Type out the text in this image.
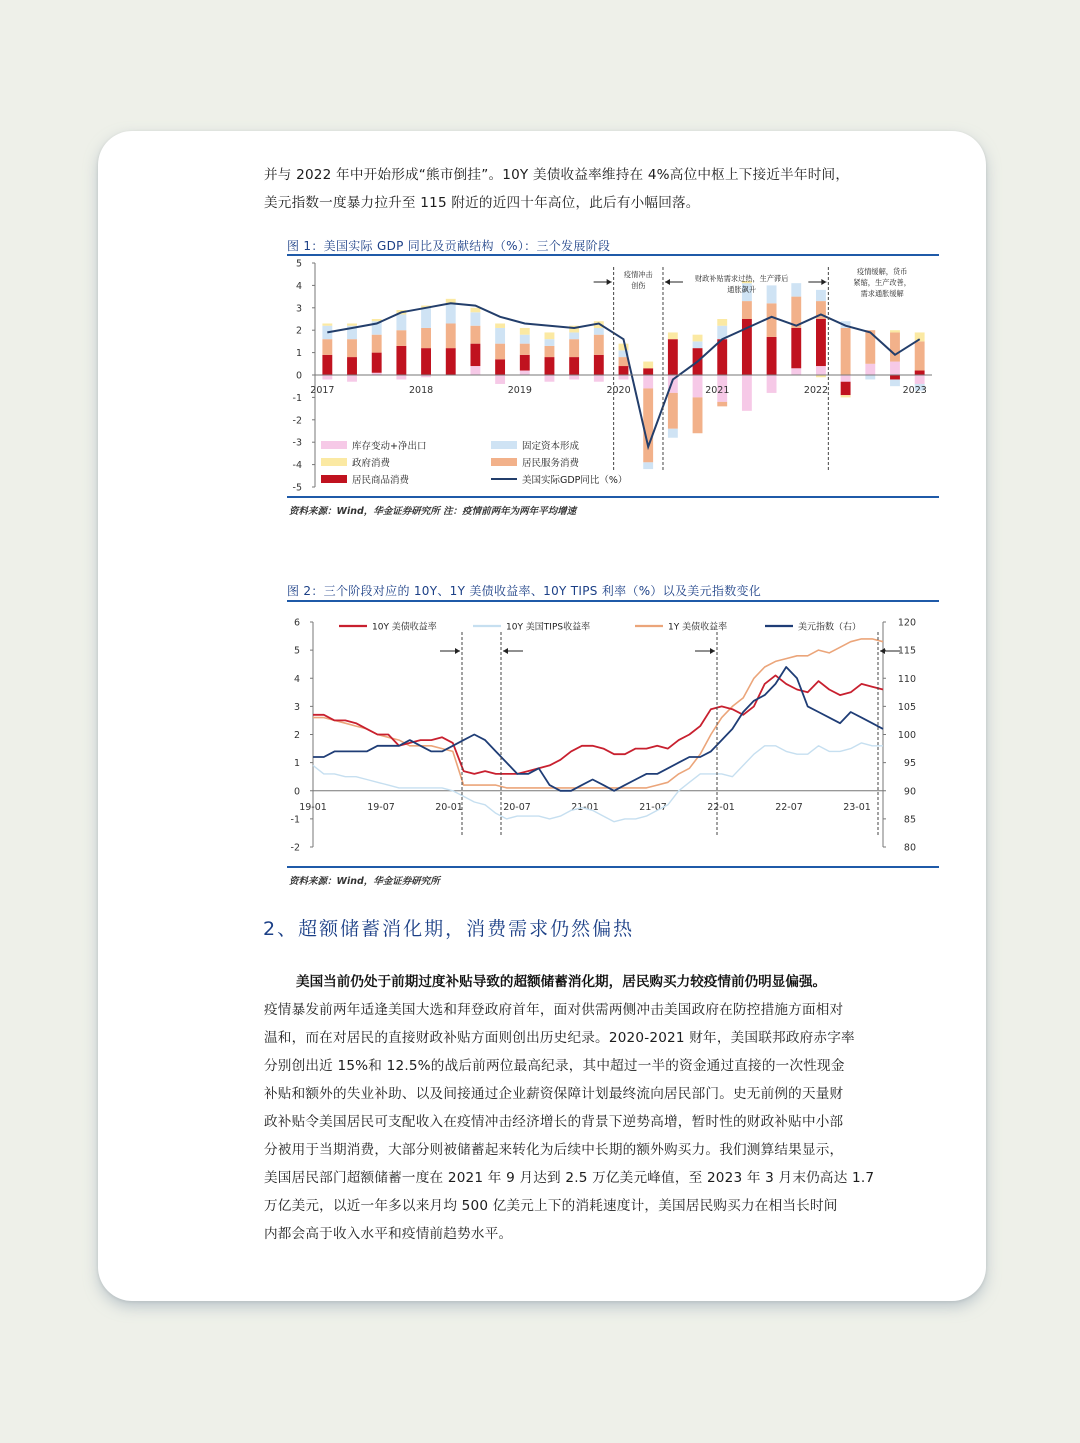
并与 2022 年中开始形成“熊市倒挂”。10Y 美债收益率维持在 4%高位中枢上下接近半年时间，

美元指数一度暴力拉升至 115 附近的近四十年高位，此后有小幅回落。

图 1：美国实际 GDP 同比及贡献结构（%）：三个发展阶段
5
4
3
2
1
0
-1
-2
-3
-4
-5
2017	2018	2019	2020	2021	2022	2023
疫情冲击
创伤
财政补贴需求过热，生产滞后
通胀飙升
疫情缓解，货币
紧缩，生产改善，
需求通胀缓解
库存变动+净出口	固定资本形成
政府消费	居民服务消费
居民商品消费	美国实际GDP同比（%）
资料来源：Wind，华金证券研究所 注：疫情前两年为两年平均增速
图 2：三个阶段对应的 10Y、1Y 美债收益率、10Y TIPS 利率（%）以及美元指数变化
6
5
4
3
2
1
0
-1
-2
120
115
110
105
100
95
90
85
80
19-01	19-07	20-01	20-07	21-01	21-07	22-01	22-07	23-01
10Y 美债收益率	10Y 美国TIPS收益率	1Y 美债收益率	美元指数（右）
资料来源：Wind，华金证券研究所
2、超额储蓄消化期，消费需求仍然偏热
美国当前仍处于前期过度补贴导致的超额储蓄消化期，居民购买力较疫情前仍明显偏强。

疫情暴发前两年适逢美国大选和拜登政府首年，面对供需两侧冲击美国政府在防控措施方面相对

温和，而在对居民的直接财政补贴方面则创出历史纪录。2020-2021 财年，美国联邦政府赤字率

分别创出近 15%和 12.5%的战后前两位最高纪录，其中超过一半的资金通过直接的一次性现金

补贴和额外的失业补助、以及间接通过企业薪资保障计划最终流向居民部门。史无前例的天量财

政补贴令美国居民可支配收入在疫情冲击经济增长的背景下逆势高增，暂时性的财政补贴中小部

分被用于当期消费，大部分则被储蓄起来转化为后续中长期的额外购买力。我们测算结果显示，

美国居民部门超额储蓄一度在 2021 年 9 月达到 2.5 万亿美元峰值，至 2023 年 3 月末仍高达 1.7

万亿美元，以近一年多以来月均 500 亿美元上下的消耗速度计，美国居民购买力在相当长时间

内都会高于收入水平和疫情前趋势水平。
